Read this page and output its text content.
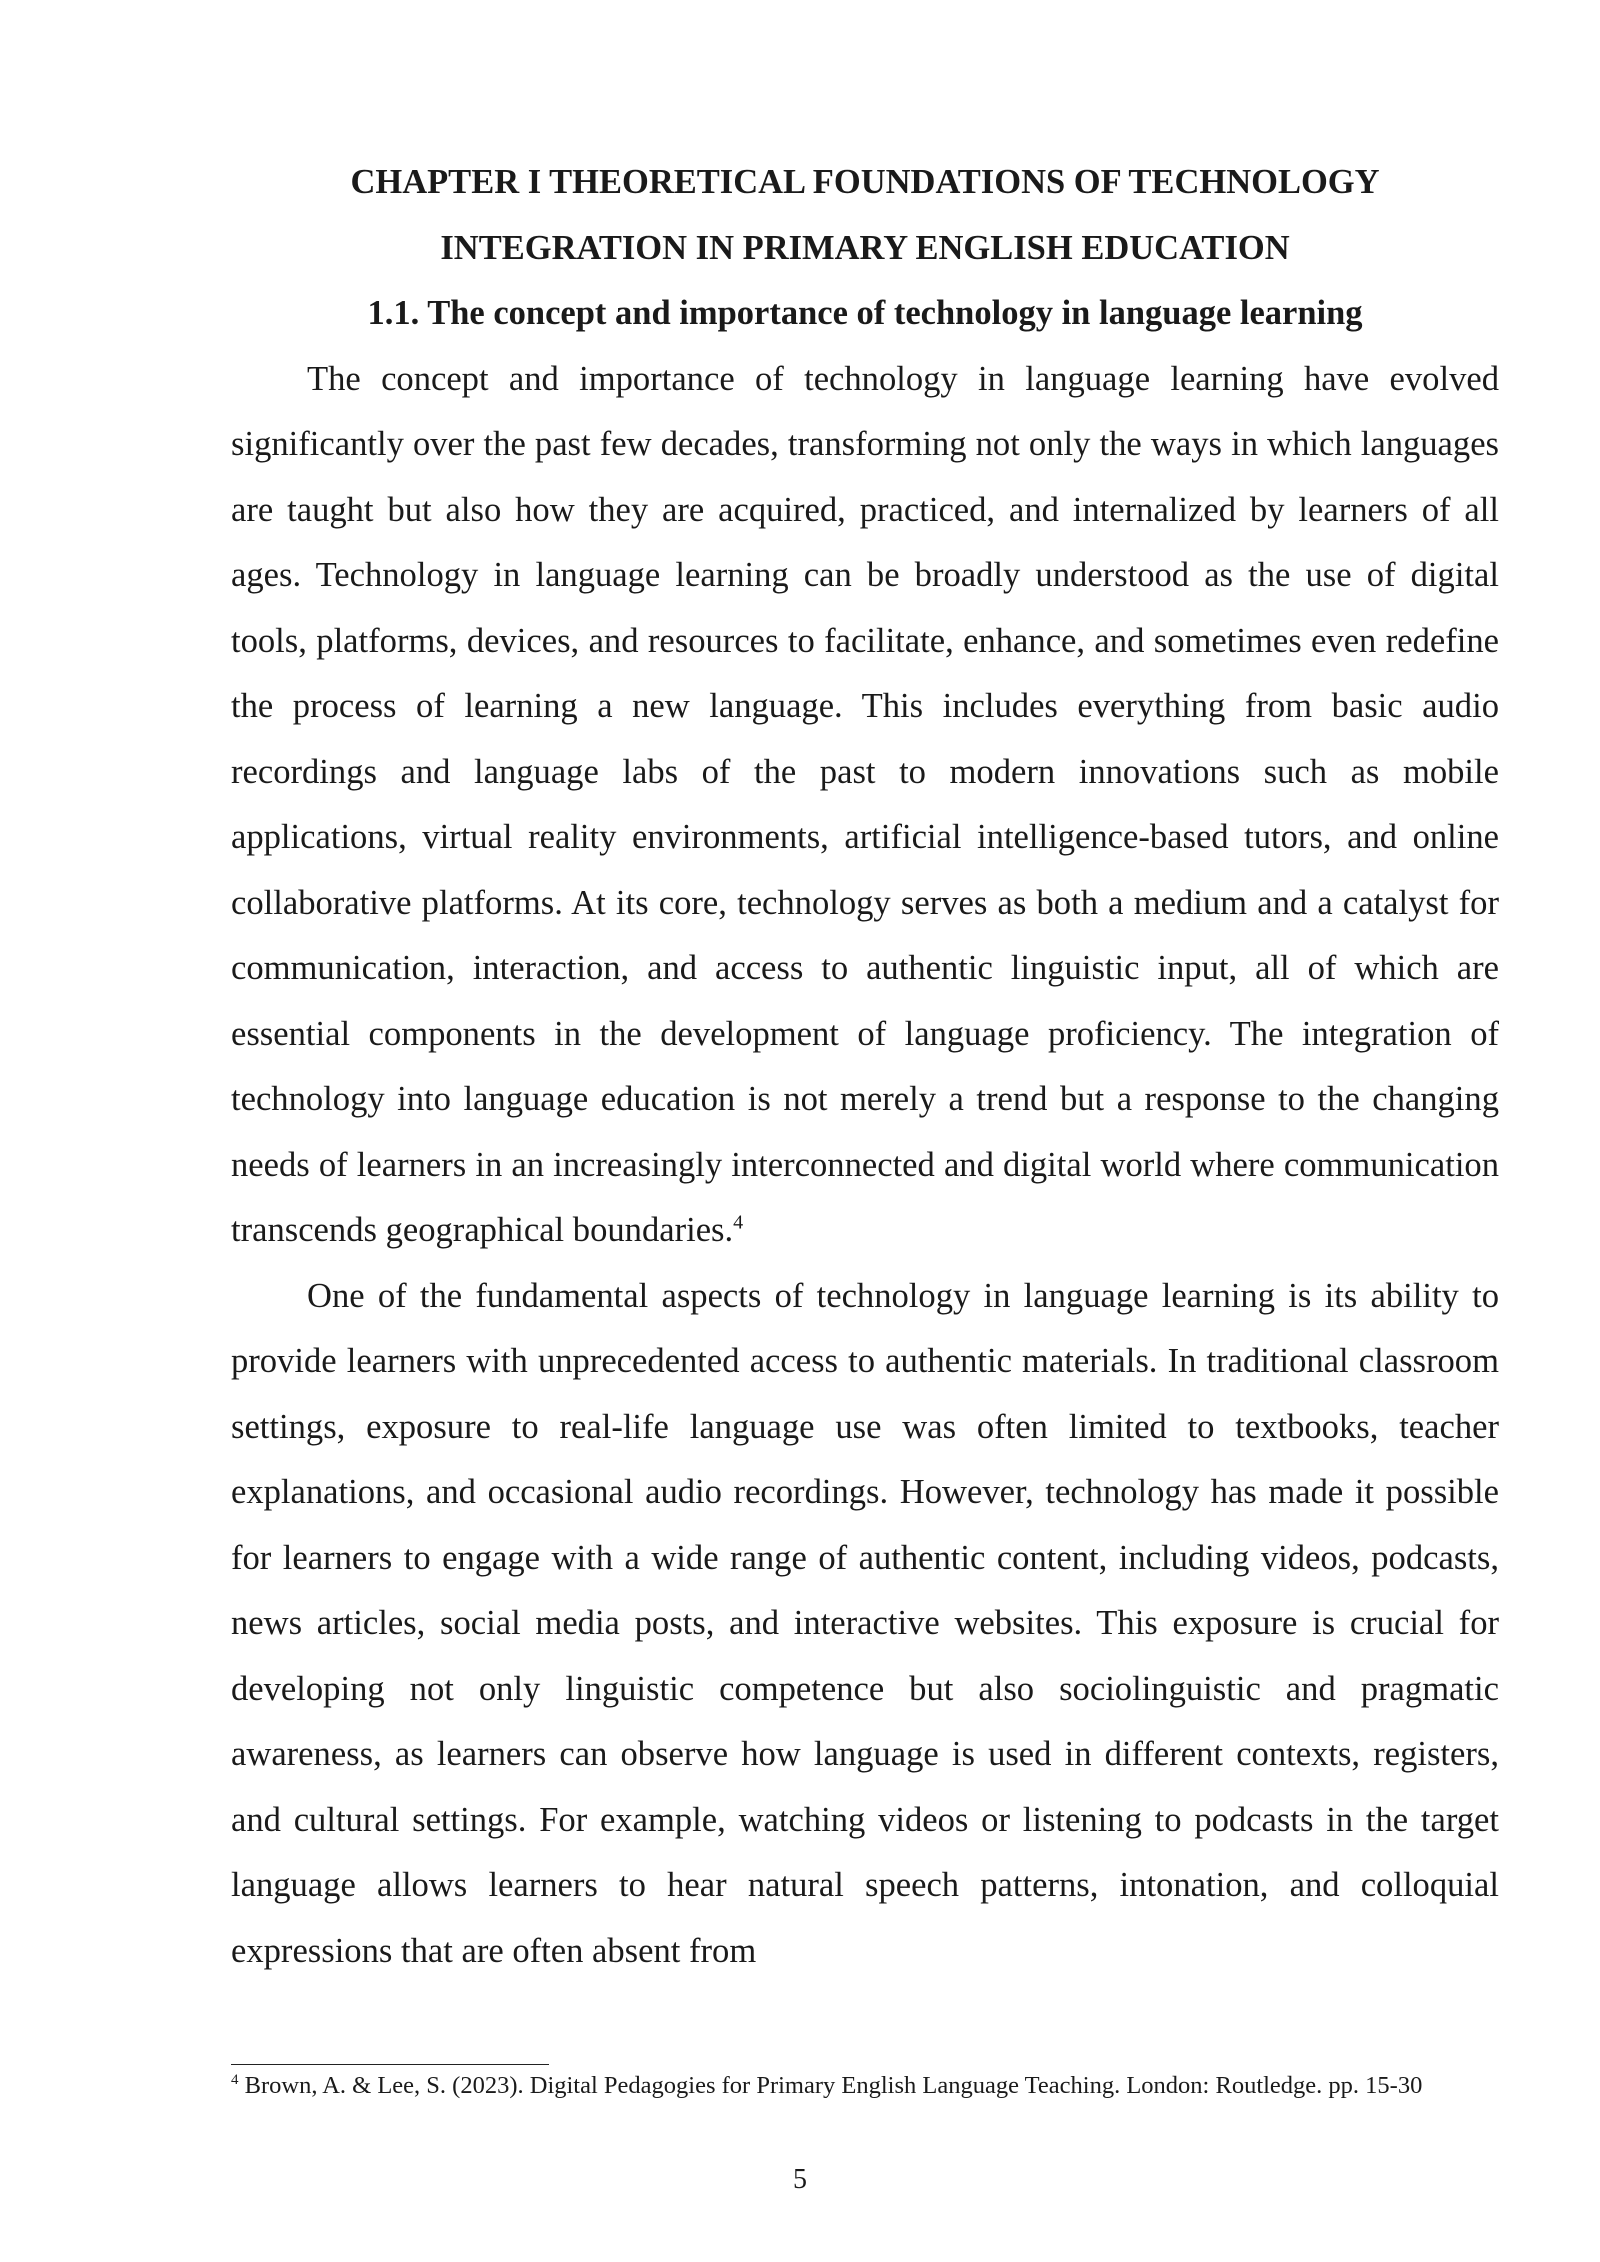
CHAPTER I THEORETICAL FOUNDATIONS OF TECHNOLOGY
INTEGRATION IN PRIMARY ENGLISH EDUCATION

1.1. The concept and importance of technology in language learning

The concept and importance of technology in language learning have evolved significantly over the past few decades, transforming not only the ways in which languages are taught but also how they are acquired, practiced, and internalized by learners of all ages. Technology in language learning can be broadly understood as the use of digital tools, platforms, devices, and resources to facilitate, enhance, and sometimes even redefine the process of learning a new language. This includes everything from basic audio recordings and language labs of the past to modern innovations such as mobile applications, virtual reality environments, artificial intelligence-based tutors, and online collaborative platforms. At its core, technology serves as both a medium and a catalyst for communication, interaction, and access to authentic linguistic input, all of which are essential components in the development of language proficiency. The integration of technology into language education is not merely a trend but a response to the changing needs of learners in an increasingly interconnected and digital world where communication transcends geographical boundaries.$^4$

One of the fundamental aspects of technology in language learning is its ability to provide learners with unprecedented access to authentic materials. In traditional classroom settings, exposure to real-life language use was often limited to textbooks, teacher explanations, and occasional audio recordings. However, technology has made it possible for learners to engage with a wide range of authentic content, including videos, podcasts, news articles, social media posts, and interactive websites. This exposure is crucial for developing not only linguistic competence but also sociolinguistic and pragmatic awareness, as learners can observe how language is used in different contexts, registers, and cultural settings. For example, watching videos or listening to podcasts in the target language allows learners to hear natural speech patterns, intonation, and colloquial expressions that are often absent from

$^4$ Brown, A. & Lee, S. (2023). Digital Pedagogies for Primary English Language Teaching. London: Routledge. pp. 15-30

5
